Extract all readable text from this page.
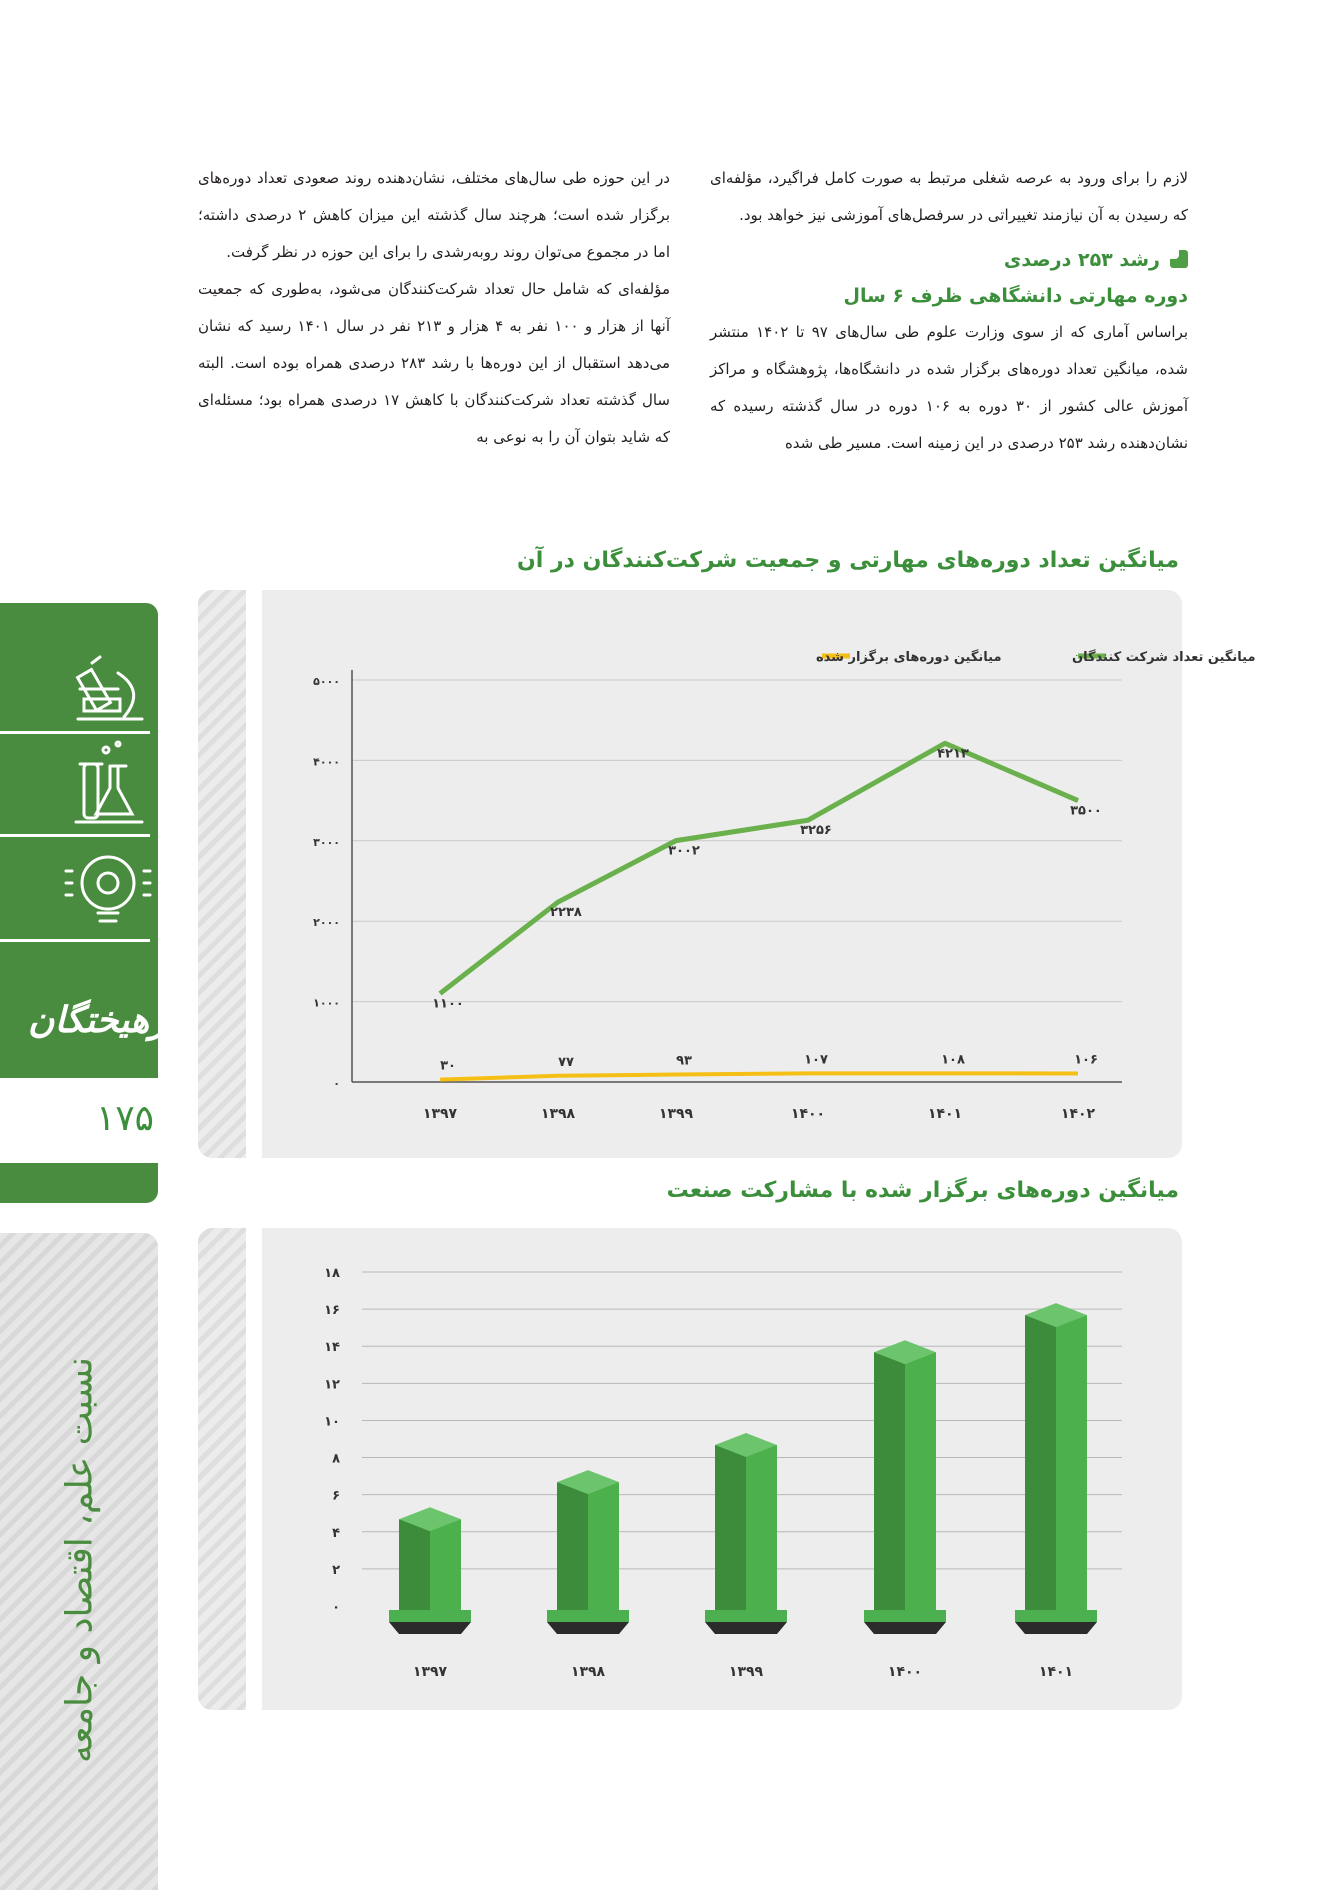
لازم را برای ورود به عرصه شغلی مرتبط به صورت کامل فراگیرد، مؤلفه‌ای که رسیدن به آن نیازمند تغییراتی در سرفصل‌های آموزشی نیز خواهد بود.

رشد ۲۵۳ درصدی
دوره مهارتی دانشگاهی ظرف ۶ سال

براساس آماری که از سوی وزارت علوم طی سال‌های ۹۷ تا ۱۴۰۲ منتشر شده، میانگین تعداد دوره‌های برگزار شده در دانشگاه‌ها، پژوهشگاه و مراکز آموزش عالی کشور از ۳۰ دوره به ۱۰۶ دوره در سال گذشته رسیده که نشان‌دهنده رشد ۲۵۳ درصدی در این زمینه است. مسیر طی شده

در این حوزه طی سال‌های مختلف، نشان‌دهنده روند صعودی تعداد دوره‌های برگزار شده است؛ هرچند سال گذشته این میزان کاهش ۲ درصدی داشته؛ اما در مجموع می‌توان روند رو‌به‌رشدی را برای این حوزه در نظر گرفت.

مؤلفه‌ای که شامل حال تعداد شرکت‌کنندگان می‌شود، به‌طوری که جمعیت آنها از هزار و ۱۰۰ نفر به ۴ هزار و ۲۱۳ نفر در سال ۱۴۰۱ رسید که نشان می‌دهد استقبال از این دوره‌ها با رشد ۲۸۳ درصدی همراه بوده است. البته سال گذشته تعداد شرکت‌کنندگان با کاهش ۱۷ درصدی همراه بود؛ مسئله‌ای که شاید بتوان آن را به نوعی به

میانگین تعداد دوره‌های مهارتی و جمعیت شرکت‌کنندگان در آن
میانگین دوره‌های برگزار شده با مشارکت صنعت
فرهیختگان
۱۷۵
نسبت علم، اقتصاد و جامعه
۰
۱۰۰۰
۲۰۰۰
۳۰۰۰
۴۰۰۰
۵۰۰۰
۱۳۹۷	۱۳۹۸	۱۳۹۹	۱۴۰۰	۱۴۰۱	۱۴۰۲
۱۱۰۰
۲۲۳۸
۳۰۰۲
۳۲۵۶
۴۲۱۳
۳۵۰۰
۳۰	۷۷	۹۳	۱۰۷	۱۰۸	۱۰۶
میانگین تعداد شرکت کنندگان
میانگین دوره‌های برگزار شده
۰
۲
۴
۶
۸
۱۰
۱۲
۱۴
۱۶
۱۸
۱۳۹۷	۱۳۹۸	۱۳۹۹	۱۴۰۰	۱۴۰۱
